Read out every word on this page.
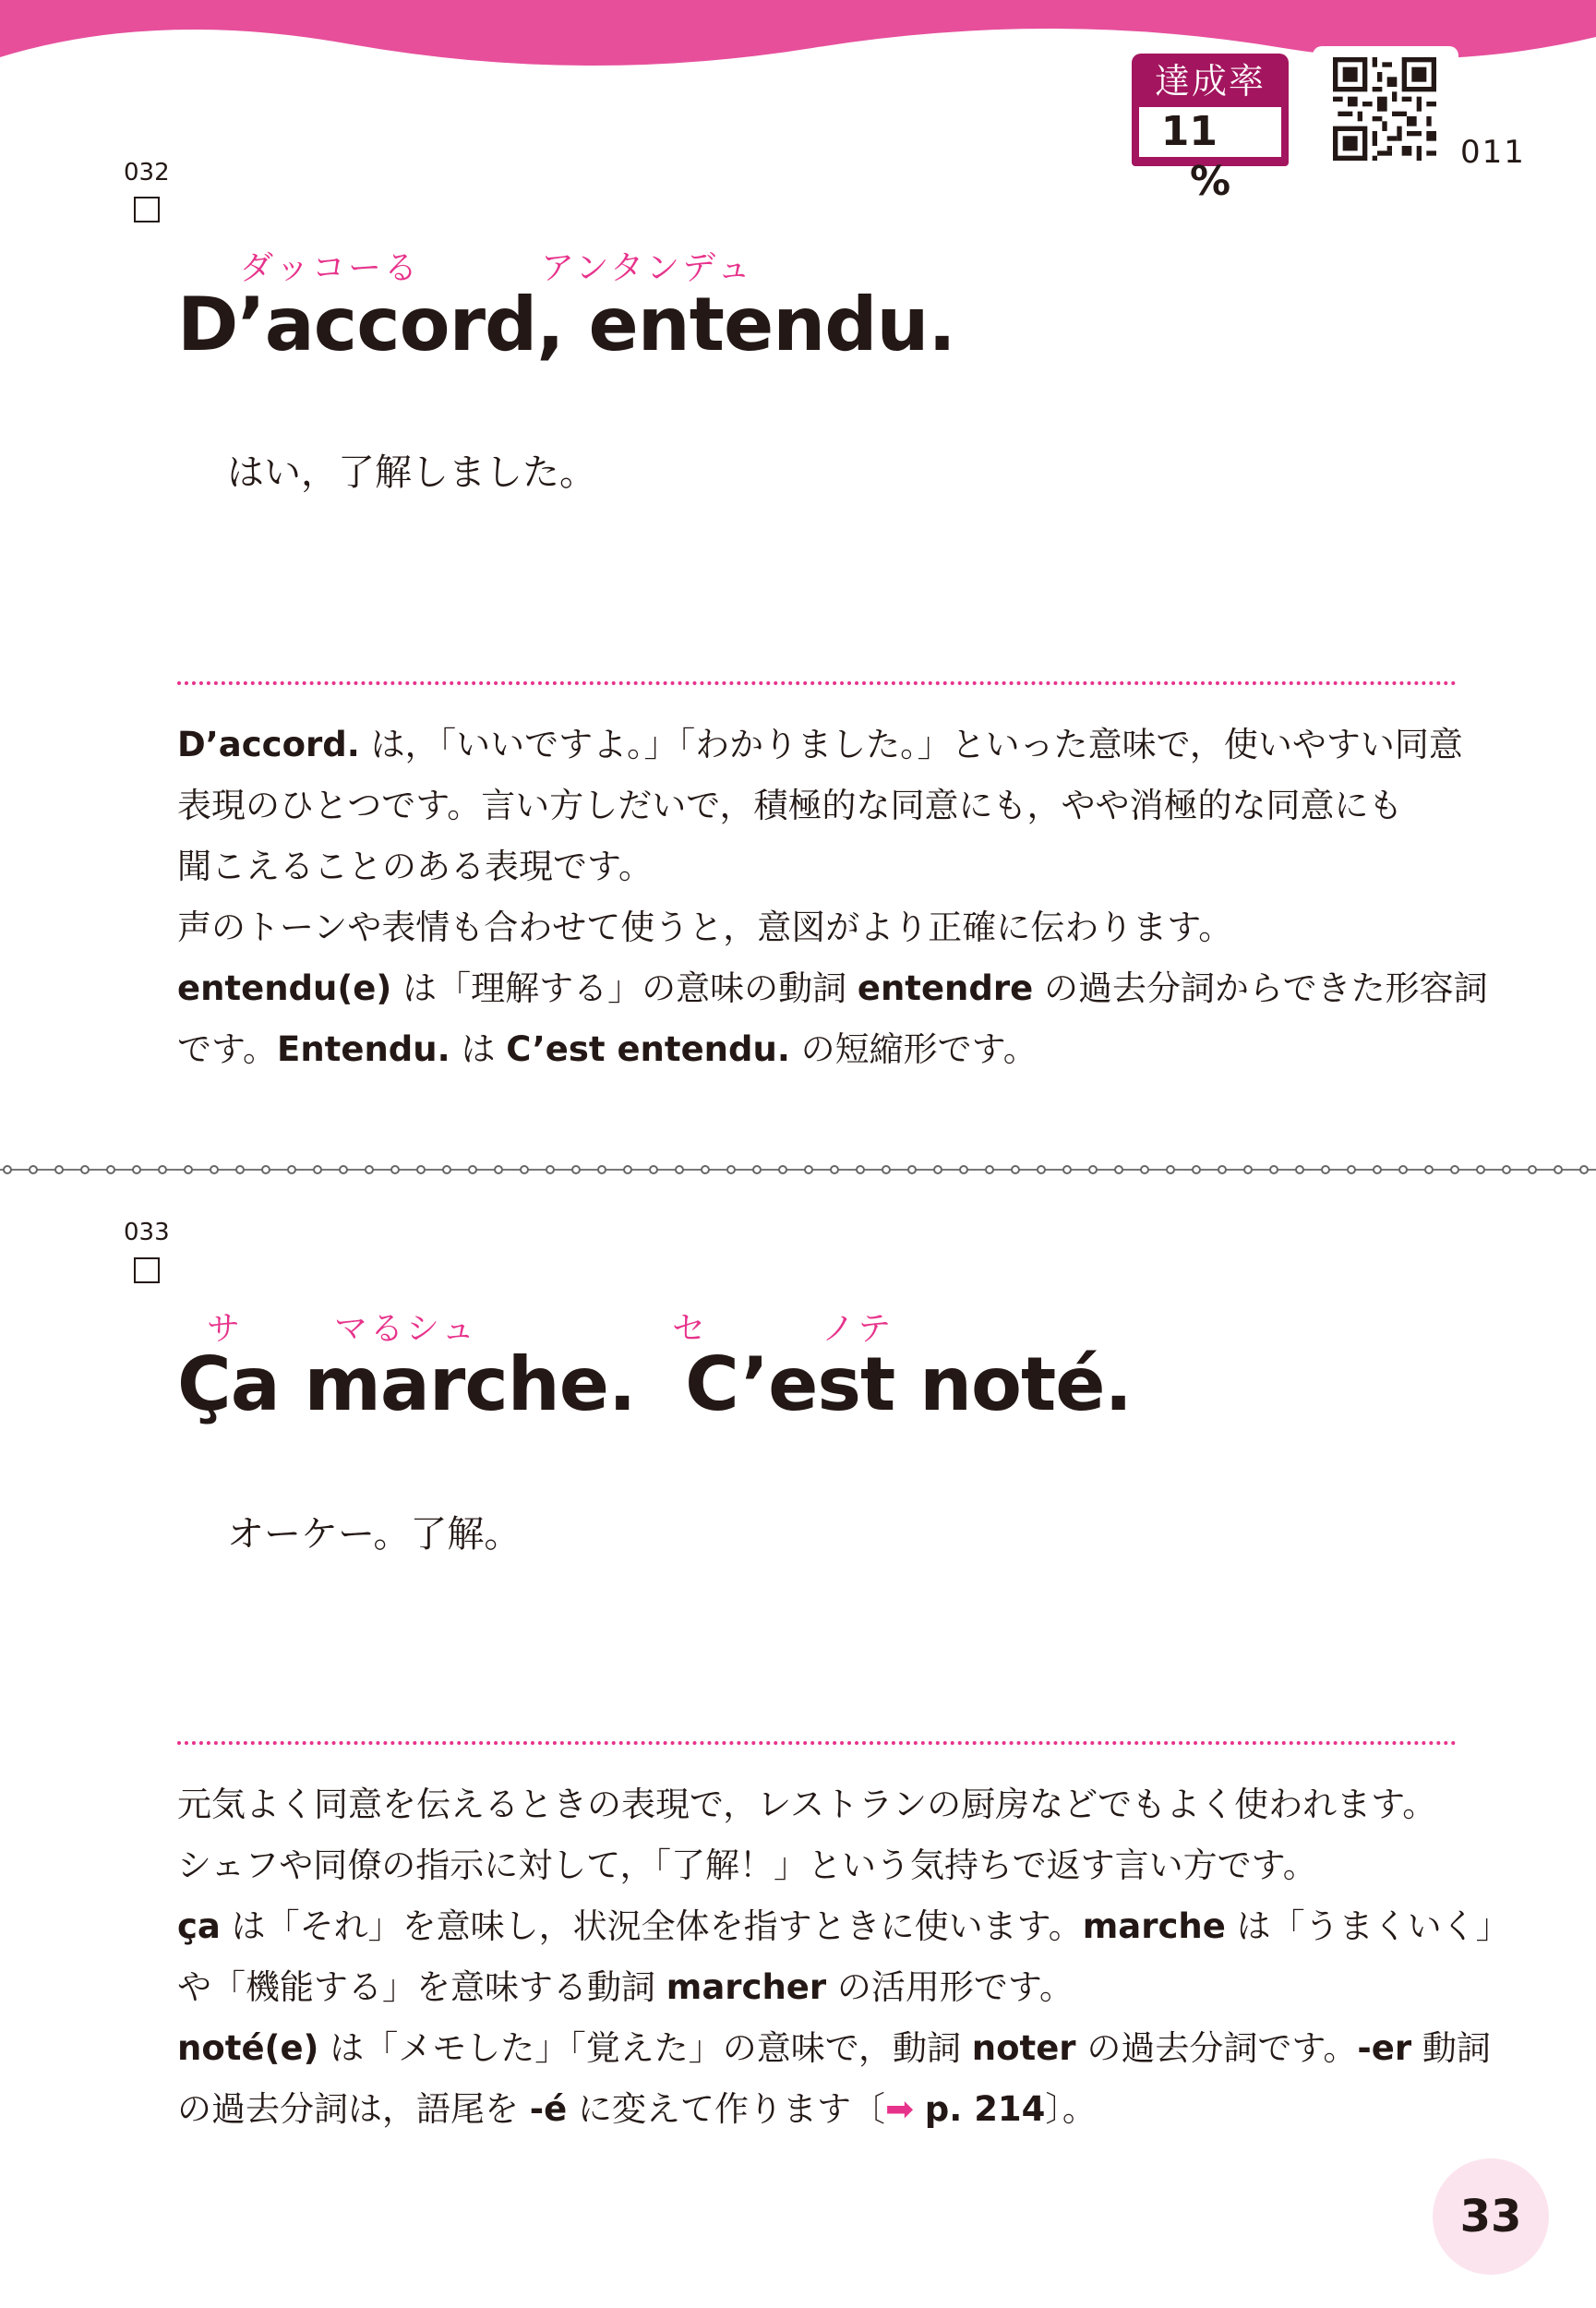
達成率
11  %
011
032
ダッコーる	アンタンデュ
D’accord, entendu.
はい，了解しました。
D’accord. は，「いいですよ。」「わかりました。」といった意味で，使いやすい同意
表現のひとつです。言い方しだいで，積極的な同意にも，やや消極的な同意にも
聞こえることのある表現です。
声のトーンや表情も合わせて使うと，意図がより正確に伝わります。
entendu(e) は「理解する」の意味の動詞 entendre の過去分詞からできた形容詞
です。Entendu. は C’est entendu. の短縮形です。
033
サ	マるシュ	セ	ノテ
Ça marche.  C’est noté.
オーケー。了解。
元気よく同意を伝えるときの表現で，レストランの厨房などでもよく使われます。
シェフや同僚の指示に対して，「了解！」という気持ちで返す言い方です。
ça は「それ」を意味し，状況全体を指すときに使います。marche は「うまくいく」
や「機能する」を意味する動詞 marcher の活用形です。
noté(e) は「メモした」「覚えた」の意味で，動詞 noter の過去分詞です。-er 動詞
の過去分詞は，語尾を -é に変えて作ります〔➡ p. 214〕。
33
